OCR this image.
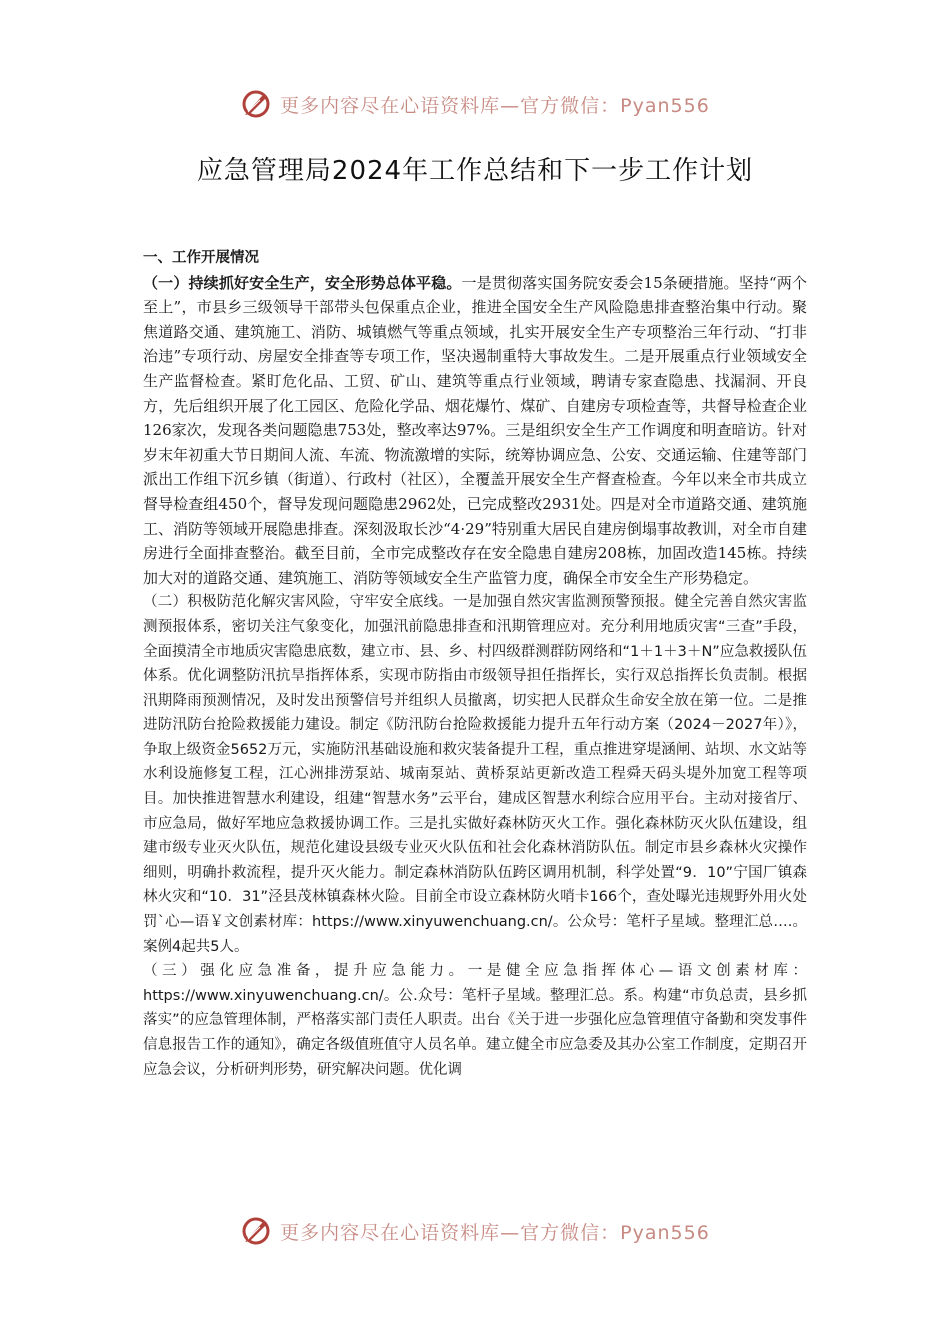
更多内容尽在心语资料库—官方微信：Pyan556
应急管理局2024年工作总结和下一步工作计划

一、工作开展情况

（一）持续抓好安全生产，安全形势总体平稳。一是贯彻落实国务院安委会15条硬措施。坚持“两个至上”，市县乡三级领导干部带头包保重点企业，推进全国安全生产风险隐患排查整治集中行动。聚焦道路交通、建筑施工、消防、城镇燃气等重点领域，扎实开展安全生产专项整治三年行动、“打非治违”专项行动、房屋安全排查等专项工作，坚决遏制重特大事故发生。二是开展重点行业领域安全生产监督检查。紧盯危化品、工贸、矿山、建筑等重点行业领域，聘请专家查隐患、找漏洞、开良方，先后组织开展了化工园区、危险化学品、烟花爆竹、煤矿、自建房专项检查等，共督导检查企业126家次，发现各类问题隐患753处，整改率达97%。三是组织安全生产工作调度和明查暗访。针对岁末年初重大节日期间人流、车流、物流激增的实际，统筹协调应急、公安、交通运输、住建等部门派出工作组下沉乡镇（街道）、行政村（社区），全覆盖开展安全生产督查检查。今年以来全市共成立督导检查组450个，督导发现问题隐患2962处，已完成整改2931处。四是对全市道路交通、建筑施工、消防等领域开展隐患排查。深刻汲取长沙“4·29”特别重大居民自建房倒塌事故教训，对全市自建房进行全面排查整治。截至目前，全市完成整改存在安全隐患自建房208栋，加固改造145栋。持续加大对的道路交通、建筑施工、消防等领域安全生产监管力度，确保全市安全生产形势稳定。

（二）积极防范化解灾害风险，守牢安全底线。一是加强自然灾害监测预警预报。健全完善自然灾害监测预报体系，密切关注气象变化，加强汛前隐患排查和汛期管理应对。充分利用地质灾害“三查”手段，全面摸清全市地质灾害隐患底数，建立市、县、乡、村四级群测群防网络和“1＋1＋3＋N”应急救援队伍体系。优化调整防汛抗旱指挥体系，实现市防指由市级领导担任指挥长，实行双总指挥长负责制。根据汛期降雨预测情况，及时发出预警信号并组织人员撤离，切实把人民群众生命安全放在第一位。二是推进防汛防台抢险救援能力建设。制定《防汛防台抢险救援能力提升五年行动方案（2024－2027年）》，争取上级资金5652万元，实施防汛基础设施和救灾装备提升工程，重点推进穿堤涵闸、站坝、水文站等水利设施修复工程，江心洲排涝泵站、城南泵站、黄桥泵站更新改造工程舜天码头堤外加宽工程等项目。加快推进智慧水利建设，组建“智慧水务”云平台，建成区智慧水利综合应用平台。主动对接省厅、市应急局，做好军地应急救援协调工作。三是扎实做好森林防灭火工作。强化森林防灭火队伍建设，组建市级专业灭火队伍，规范化建设县级专业灭火队伍和社会化森林消防队伍。制定市县乡森林火灾操作细则，明确扑救流程，提升灭火能力。制定森林消防队伍跨区调用机制，科学处置“9．10”宁国厂镇森林火灾和“10．31”泾县茂林镇森林火险。目前全市设立森林防火哨卡166个，查处曝光违规野外用火处罚`心—语￥文创素材库：https://www.xinyuwenchuang.cn/。公众号：笔杆子星域。整理汇总….。案例4起共5人。

（三）强化应急准备，提升应急能力。一是健全应急指挥体心—语文创素材库：https://www.xinyuwenchuang.cn/。公.众号：笔杆子星域。整理汇总。系。构建“市负总责，县乡抓落实”的应急管理体制，严格落实部门责任人职责。出台《关于进一步强化应急管理值守备勤和突发事件信息报告工作的通知》，确定各级值班值守人员名单。建立健全市应急委及其办公室工作制度，定期召开应急会议，分析研判形势，研究解决问题。优化调

更多内容尽在心语资料库—官方微信：Pyan556
